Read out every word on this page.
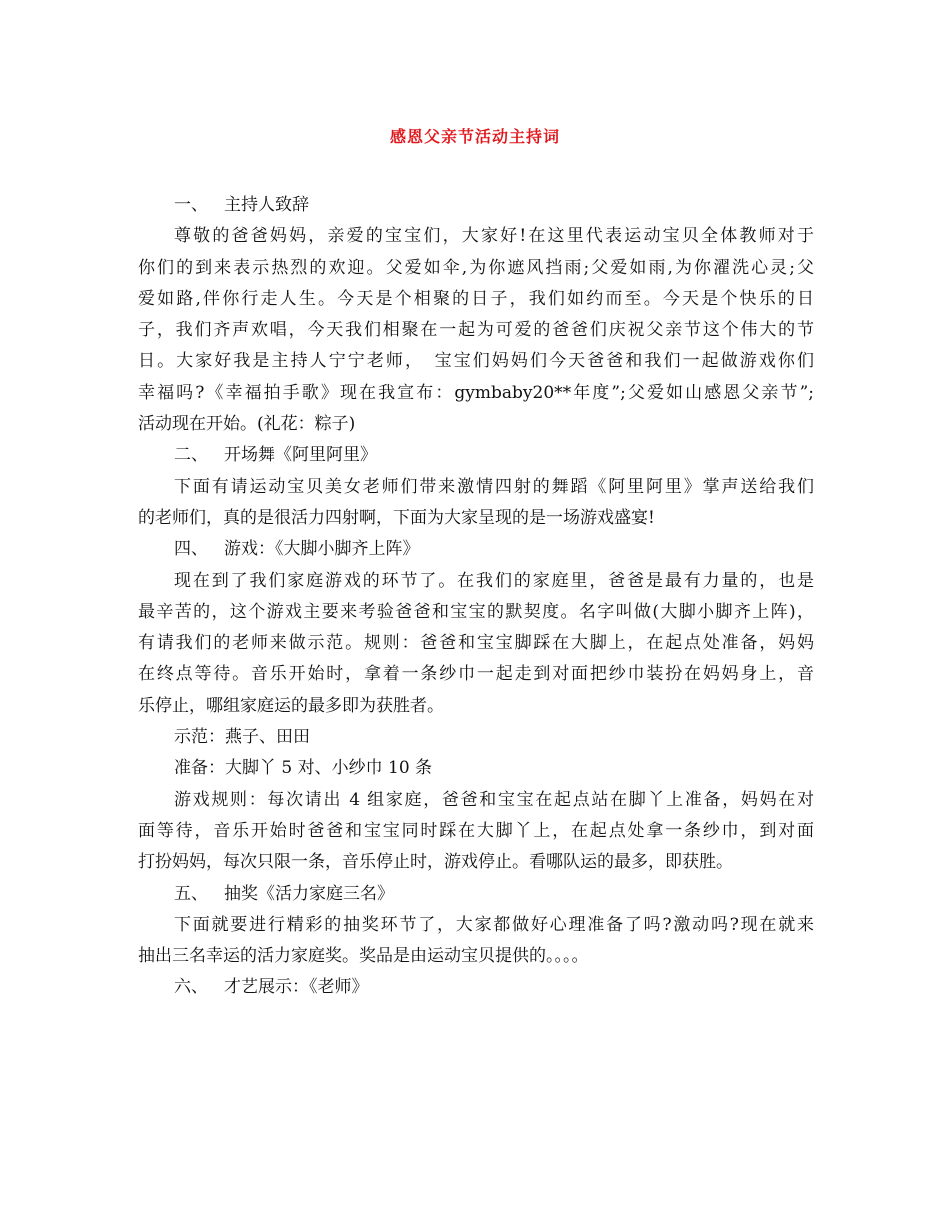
感恩父亲节活动主持词
一、 主持人致辞
尊敬的爸爸妈妈，亲爱的宝宝们，大家好!在这里代表运动宝贝全体教师对于
你们的到来表示热烈的欢迎。父爱如伞,为你遮风挡雨;父爱如雨,为你濯洗心灵;父
爱如路,伴你行走人生。今天是个相聚的日子，我们如约而至。今天是个快乐的日
子，我们齐声欢唱，今天我们相聚在一起为可爱的爸爸们庆祝父亲节这个伟大的节
日。大家好我是主持人宁宁老师，　宝宝们妈妈们今天爸爸和我们一起做游戏你们
幸福吗?《幸福拍手歌》现在我宣布：gymbaby20**年度”;父爱如山感恩父亲节”;
活动现在开始。(礼花：粽子)
二、 开场舞《阿里阿里》
下面有请运动宝贝美女老师们带来激情四射的舞蹈《阿里阿里》掌声送给我们
的老师们，真的是很活力四射啊，下面为大家呈现的是一场游戏盛宴!
四、 游戏：《大脚小脚齐上阵》
现在到了我们家庭游戏的环节了。在我们的家庭里，爸爸是最有力量的，也是
最辛苦的，这个游戏主要来考验爸爸和宝宝的默契度。名字叫做(大脚小脚齐上阵)，
有请我们的老师来做示范。规则：爸爸和宝宝脚踩在大脚上，在起点处准备，妈妈
在终点等待。音乐开始时，拿着一条纱巾一起走到对面把纱巾装扮在妈妈身上，音
乐停止，哪组家庭运的最多即为获胜者。
示范：燕子、田田
准备：大脚丫 5 对、小纱巾 10 条
游戏规则：每次请出 4 组家庭，爸爸和宝宝在起点站在脚丫上准备，妈妈在对
面等待，音乐开始时爸爸和宝宝同时踩在大脚丫上，在起点处拿一条纱巾，到对面
打扮妈妈，每次只限一条，音乐停止时，游戏停止。看哪队运的最多，即获胜。
五、 抽奖《活力家庭三名》
下面就要进行精彩的抽奖环节了，大家都做好心理准备了吗?激动吗?现在就来
抽出三名幸运的活力家庭奖。奖品是由运动宝贝提供的。。。。
六、 才艺展示：《老师》
